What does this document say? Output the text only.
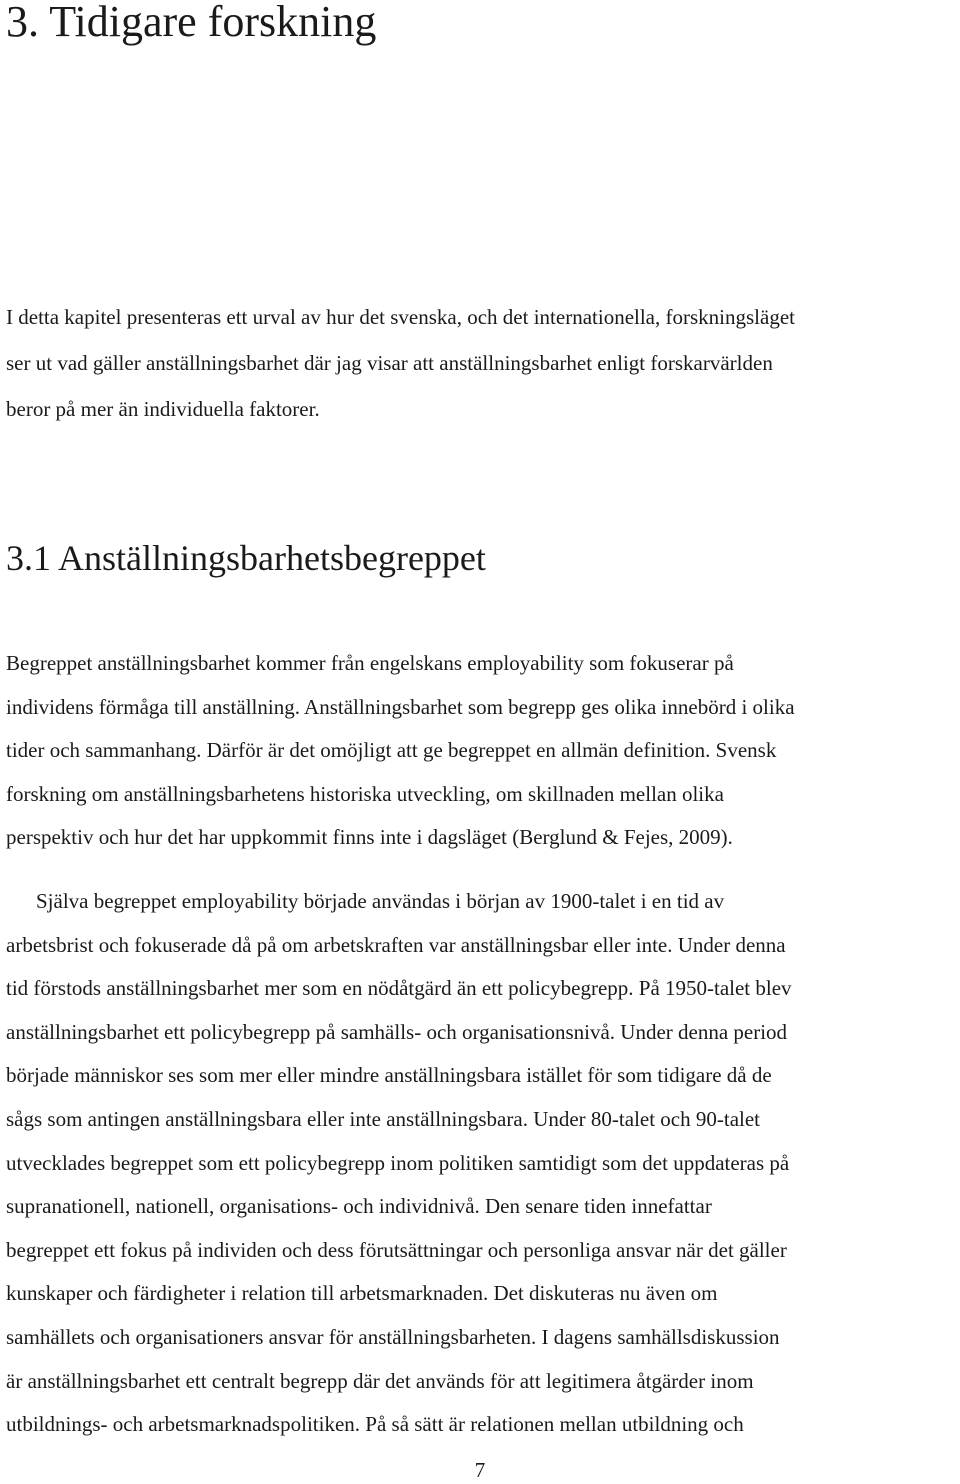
3. Tidigare forskning

I detta kapitel presenteras ett urval av hur det svenska, och det internationella, forskningsläget
ser ut vad gäller anställningsbarhet där jag visar att anställningsbarhet enligt forskarvärlden
beror på mer än individuella faktorer.

3.1 Anställningsbarhetsbegreppet

Begreppet anställningsbarhet kommer från engelskans employability som fokuserar på
individens förmåga till anställning. Anställningsbarhet som begrepp ges olika innebörd i olika
tider och sammanhang. Därför är det omöjligt att ge begreppet en allmän definition. Svensk
forskning om anställningsbarhetens historiska utveckling, om skillnaden mellan olika
perspektiv och hur det har uppkommit finns inte i dagsläget (Berglund & Fejes, 2009).

Själva begreppet employability började användas i början av 1900-talet i en tid av
arbetsbrist och fokuserade då på om arbetskraften var anställningsbar eller inte. Under denna
tid förstods anställningsbarhet mer som en nödåtgärd än ett policybegrepp. På 1950-talet blev
anställningsbarhet ett policybegrepp på samhälls- och organisationsnivå. Under denna period
började människor ses som mer eller mindre anställningsbara istället för som tidigare då de
sågs som antingen anställningsbara eller inte anställningsbara. Under 80-talet och 90-talet
utvecklades begreppet som ett policybegrepp inom politiken samtidigt som det uppdateras på
supranationell, nationell, organisations- och individnivå. Den senare tiden innefattar
begreppet ett fokus på individen och dess förutsättningar och personliga ansvar när det gäller
kunskaper och färdigheter i relation till arbetsmarknaden. Det diskuteras nu även om
samhällets och organisationers ansvar för anställningsbarheten. I dagens samhällsdiskussion
är anställningsbarhet ett centralt begrepp där det används för att legitimera åtgärder inom
utbildnings- och arbetsmarknadspolitiken. På så sätt är relationen mellan utbildning och

7
